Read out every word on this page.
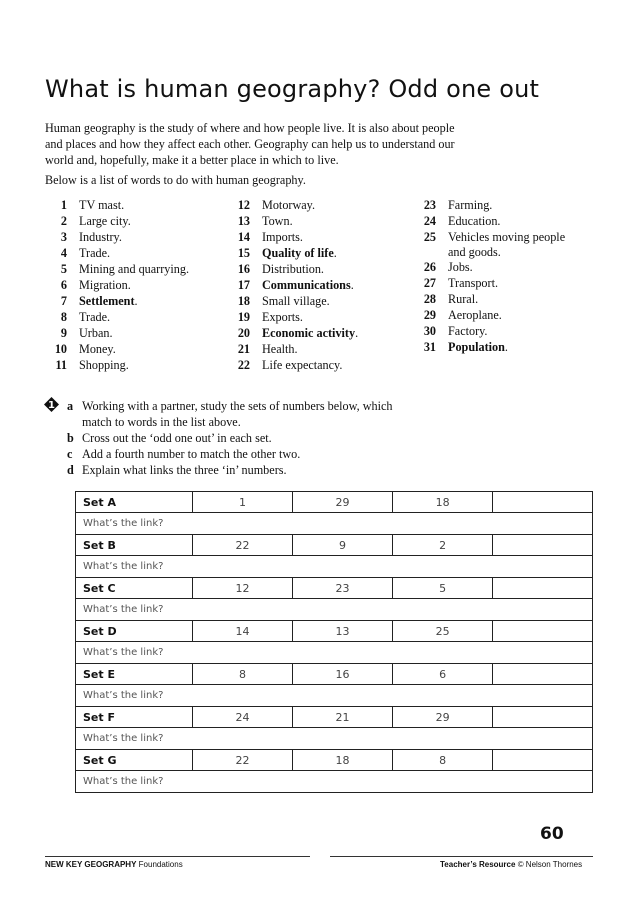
What is human geography? Odd one out

Human geography is the study of where and how people live. It is also about people and places and how they affect each other. Geography can help us to understand our world and, hopefully, make it a better place in which to live.

Below is a list of words to do with human geography.

1 TV mast.
2 Large city.
3 Industry.
4 Trade.
5 Mining and quarrying.
6 Migration.
7 Settlement.
8 Trade.
9 Urban.
10 Money.
11 Shopping.
12 Motorway.
13 Town.
14 Imports.
15 Quality of life.
16 Distribution.
17 Communications.
18 Small village.
19 Exports.
20 Economic activity.
21 Health.
22 Life expectancy.
23 Farming.
24 Education.
25 Vehicles moving people and goods.
26 Jobs.
27 Transport.
28 Rural.
29 Aeroplane.
30 Factory.
31 Population.
1 a Working with a partner, study the sets of numbers below, which match to words in the list above.
b Cross out the ‘odd one out’ in each set.
c Add a fourth number to match the other two.
d Explain what links the three ‘in’ numbers.
Set A	1	29	18	
What’s the link?				
Set B	22	9	2	
What’s the link?				
Set C	12	23	5	
What’s the link?				
Set D	14	13	25	
What’s the link?				
Set E	8	16	6	
What’s the link?				
Set F	24	21	29	
What’s the link?				
Set G	22	18	8	
What’s the link?				
60
NEW KEY GEOGRAPHY Foundations	Teacher’s Resource © Nelson Thornes
